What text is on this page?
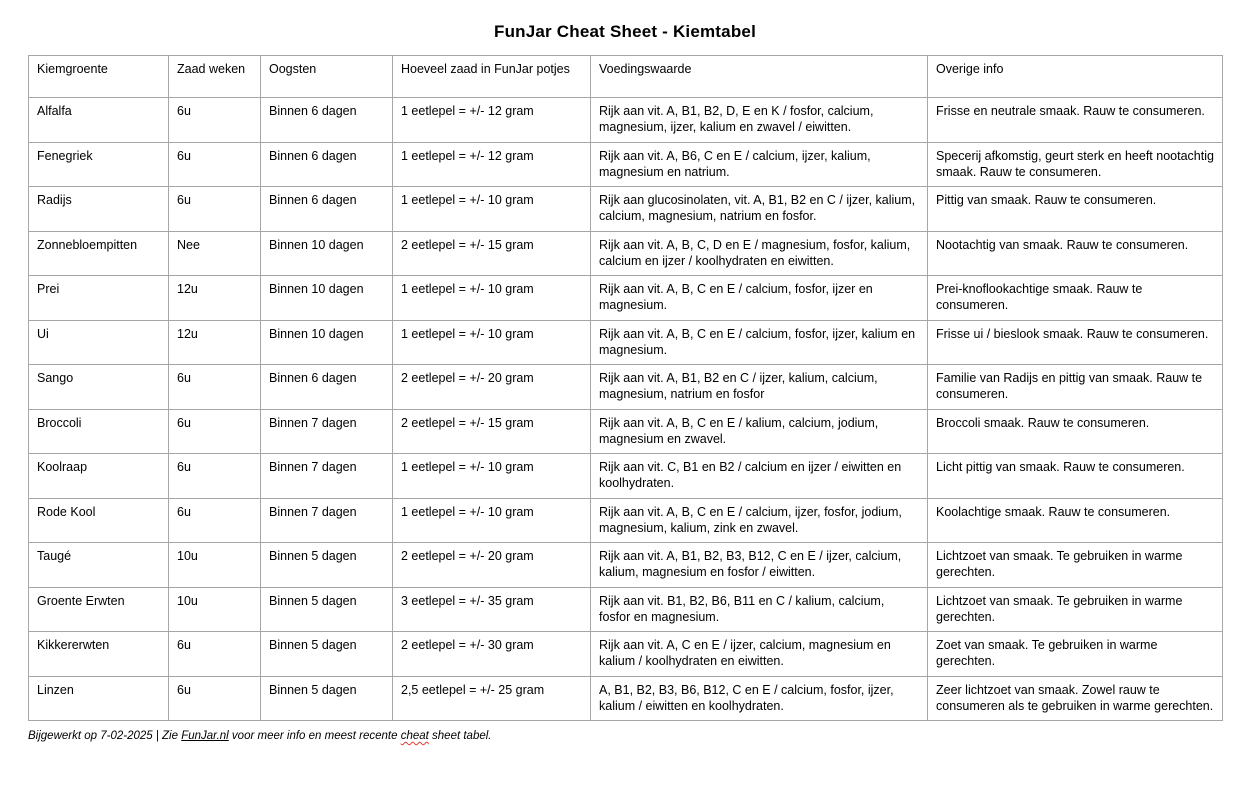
FunJar Cheat Sheet - Kiemtabel
Kiemgroente	Zaad weken	Oogsten	Hoeveel zaad in FunJar potjes	Voedingswaarde	Overige info
Alfalfa	6u	Binnen 6 dagen	1 eetlepel = +/- 12 gram	Rijk aan vit. A, B1, B2, D, E en K / fosfor, calcium, magnesium, ijzer, kalium en zwavel / eiwitten.	Frisse en neutrale smaak. Rauw te consumeren.
Fenegriek	6u	Binnen 6 dagen	1 eetlepel = +/- 12 gram	Rijk aan vit. A, B6, C en E / calcium, ijzer, kalium, magnesium en natrium.	Specerij afkomstig, geurt sterk en heeft nootachtig smaak. Rauw te consumeren.
Radijs	6u	Binnen 6 dagen	1 eetlepel = +/- 10 gram	Rijk aan glucosinolaten, vit. A, B1, B2 en C / ijzer, kalium, calcium, magnesium, natrium en fosfor.	Pittig van smaak. Rauw te consumeren.
Zonnebloempitten	Nee	Binnen 10 dagen	2 eetlepel = +/- 15 gram	Rijk aan vit. A, B, C, D en E / magnesium, fosfor, kalium, calcium en ijzer / koolhydraten en eiwitten.	Nootachtig van smaak. Rauw te consumeren.
Prei	12u	Binnen 10 dagen	1 eetlepel = +/- 10 gram	Rijk aan vit. A, B, C en E / calcium, fosfor, ijzer en magnesium.	Prei-knoflookachtige smaak. Rauw te consumeren.
Ui	12u	Binnen 10 dagen	1 eetlepel = +/- 10 gram	Rijk aan vit. A, B, C en E / calcium, fosfor, ijzer, kalium en magnesium.	Frisse ui / bieslook smaak. Rauw te consumeren.
Sango	6u	Binnen 6 dagen	2 eetlepel = +/- 20 gram	Rijk aan vit. A, B1, B2 en C / ijzer, kalium, calcium, magnesium, natrium en fosfor	Familie van Radijs en pittig van smaak. Rauw te consumeren.
Broccoli	6u	Binnen 7 dagen	2 eetlepel = +/- 15 gram	Rijk aan vit. A, B, C en E / kalium, calcium, jodium, magnesium en zwavel.	Broccoli smaak. Rauw te consumeren.
Koolraap	6u	Binnen 7 dagen	1 eetlepel = +/- 10 gram	Rijk aan vit. C, B1 en B2 / calcium en ijzer / eiwitten en koolhydraten.	Licht pittig van smaak. Rauw te consumeren.
Rode Kool	6u	Binnen 7 dagen	1 eetlepel = +/- 10 gram	Rijk aan vit. A, B, C en E / calcium, ijzer, fosfor, jodium, magnesium, kalium, zink en zwavel.	Koolachtige smaak. Rauw te consumeren.
Taugé	10u	Binnen 5 dagen	2 eetlepel = +/- 20 gram	Rijk aan vit. A, B1, B2, B3, B12, C en E / ijzer, calcium, kalium, magnesium en fosfor / eiwitten.	Lichtzoet van smaak. Te gebruiken in warme gerechten.
Groente Erwten	10u	Binnen 5 dagen	3 eetlepel = +/- 35 gram	Rijk aan vit. B1, B2, B6, B11 en C / kalium, calcium, fosfor en magnesium.	Lichtzoet van smaak. Te gebruiken in warme gerechten.
Kikkererwten	6u	Binnen 5 dagen	2 eetlepel = +/- 30 gram	Rijk aan vit. A, C en E / ijzer, calcium, magnesium en kalium / koolhydraten en eiwitten.	Zoet van smaak. Te gebruiken in warme gerechten.
Linzen	6u	Binnen 5 dagen	2,5 eetlepel = +/- 25 gram	A, B1, B2, B3, B6, B12, C en E / calcium, fosfor, ijzer, kalium / eiwitten en koolhydraten.	Zeer lichtzoet van smaak. Zowel rauw te consumeren als te gebruiken in warme gerechten.
Bijgewerkt op 7-02-2025 | Zie FunJar.nl voor meer info en meest recente cheat sheet tabel.
